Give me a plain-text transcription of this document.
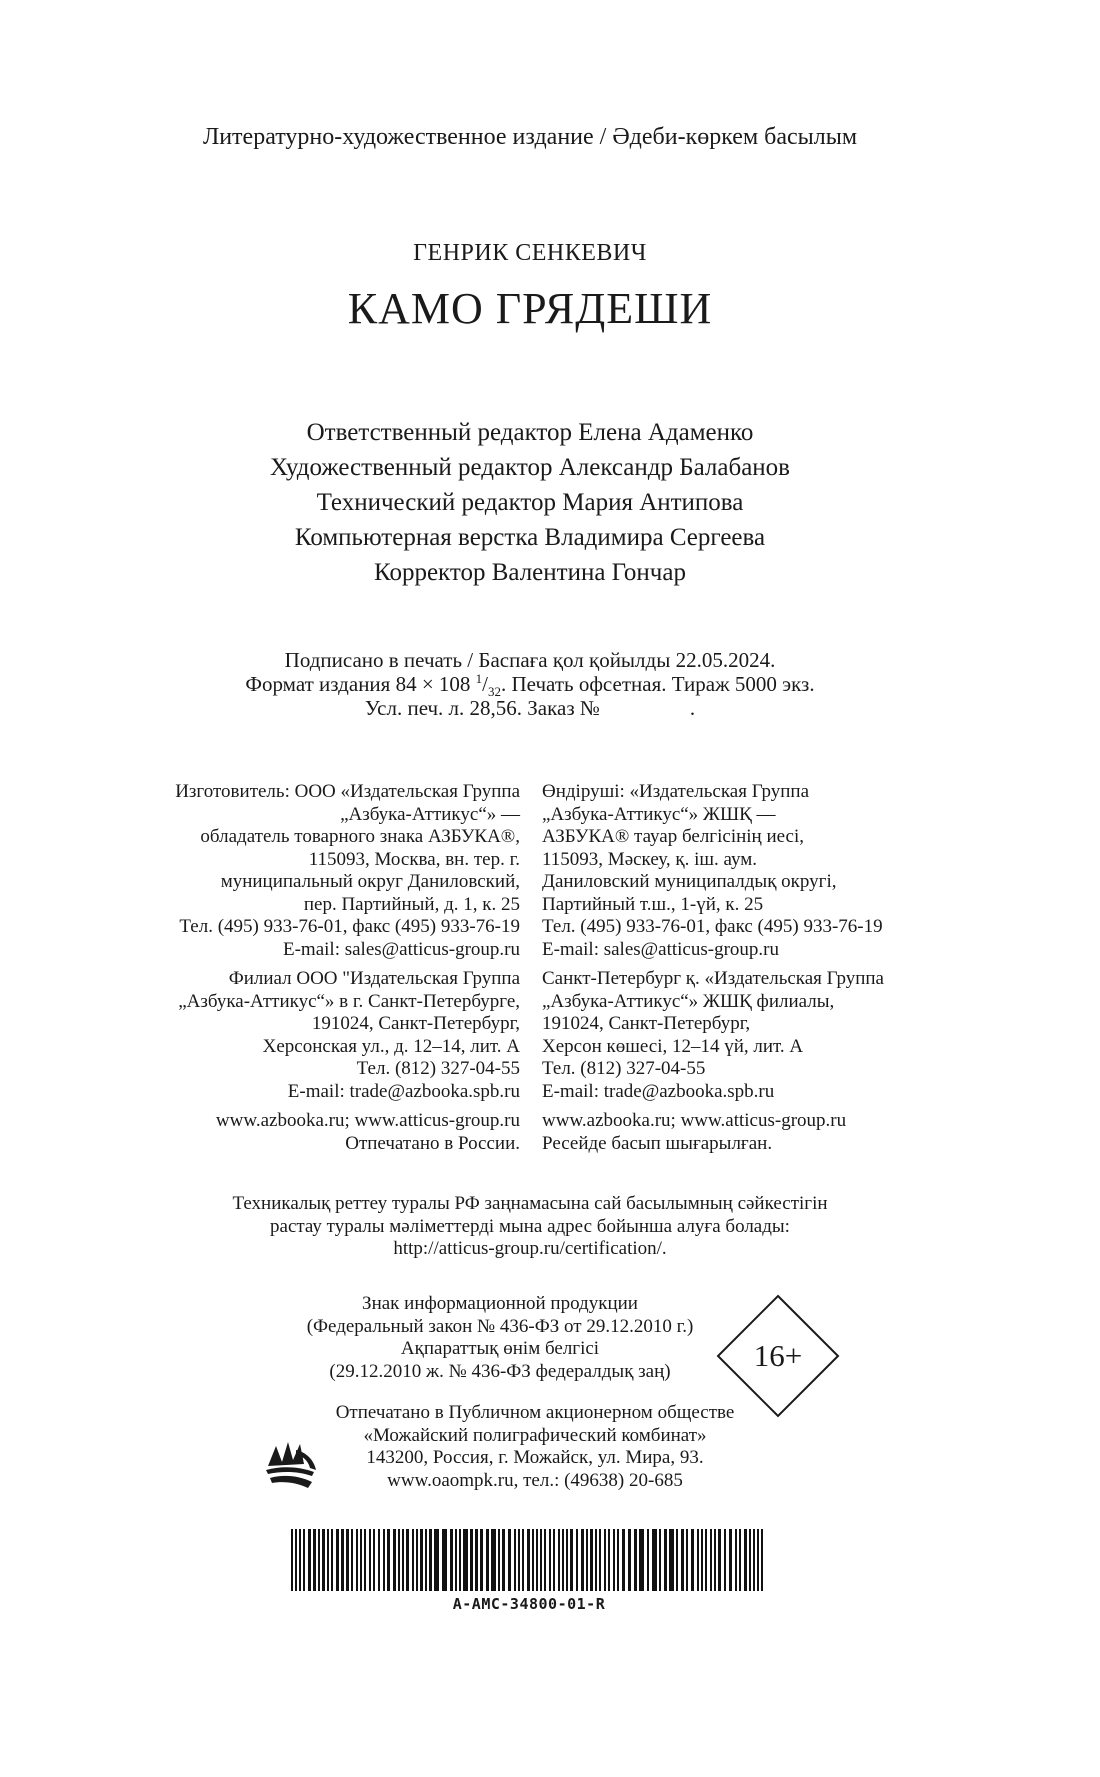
Литературно-художественное издание / Әдеби-көркем басылым
ГЕНРИК СЕНКЕВИЧ
КАМО ГРЯДЕШИ
Ответственный редактор Елена Адаменко
Художественный редактор Александр Балабанов
Технический редактор Мария Антипова
Компьютерная верстка Владимира Сергеева
Корректор Валентина Гончар
Подписано в печать / Баспаға қол қойылды 22.05.2024.
Формат издания 84 × 108 $^1/_{32}$. Печать офсетная. Тираж 5000 экз.
Усл. печ. л. 28,56. Заказ №	.
Изготовитель: ООО «Издательская Группа
„Азбука-Аттикус“» —
обладатель товарного знака АЗБУКА®,
115093, Москва, вн. тер. г.
муниципальный округ Даниловский,
пер. Партийный, д. 1, к. 25
Тел. (495) 933-76-01, факс (495) 933-76-19
E-mail: sales@atticus-group.ru
Филиал ООО "Издательская Группа
„Азбука-Аттикус“» в г. Санкт-Петербурге,
191024, Санкт-Петербург,
Херсонская ул., д. 12–14, лит. А
Тел. (812) 327-04-55
E-mail: trade@azbooka.spb.ru
www.azbooka.ru; www.atticus-group.ru
Отпечатано в России.
Өндіруші: «Издательская Группа
„Азбука-Аттикус“» ЖШҚ —
АЗБУКА® тауар белгісінің иесі,
115093, Мәскеу, қ. іш. аум.
Даниловский муниципалдық округі,
Партийный т.ш., 1-үй, к. 25
Тел. (495) 933-76-01, факс (495) 933-76-19
E-mail: sales@atticus-group.ru
Санкт-Петербург қ. «Издательская Группа
„Азбука-Аттикус“» ЖШҚ филиалы,
191024, Санкт-Петербург,
Херсон көшесі, 12–14 үй, лит. А
Тел. (812) 327-04-55
E-mail: trade@azbooka.spb.ru
www.azbooka.ru; www.atticus-group.ru
Ресейде басып шығарылған.
Техникалық реттеу туралы РФ заңнамасына сай басылымның сәйкестігін
растау туралы мәліметтерді мына адрес бойынша алуға болады:
http://atticus-group.ru/certification/.
Знак информационной продукции
(Федеральный закон № 436-ФЗ от 29.12.2010 г.)
Ақпараттық өнім белгісі
(29.12.2010 ж. № 436-ФЗ федералдық заң)	16+
Отпечатано в Публичном акционерном обществе
«Можайский полиграфический комбинат»
143200, Россия, г. Можайск, ул. Мира, 93.
www.oaompk.ru, тел.: (49638) 20-685
A-AMC-34800-01-R
